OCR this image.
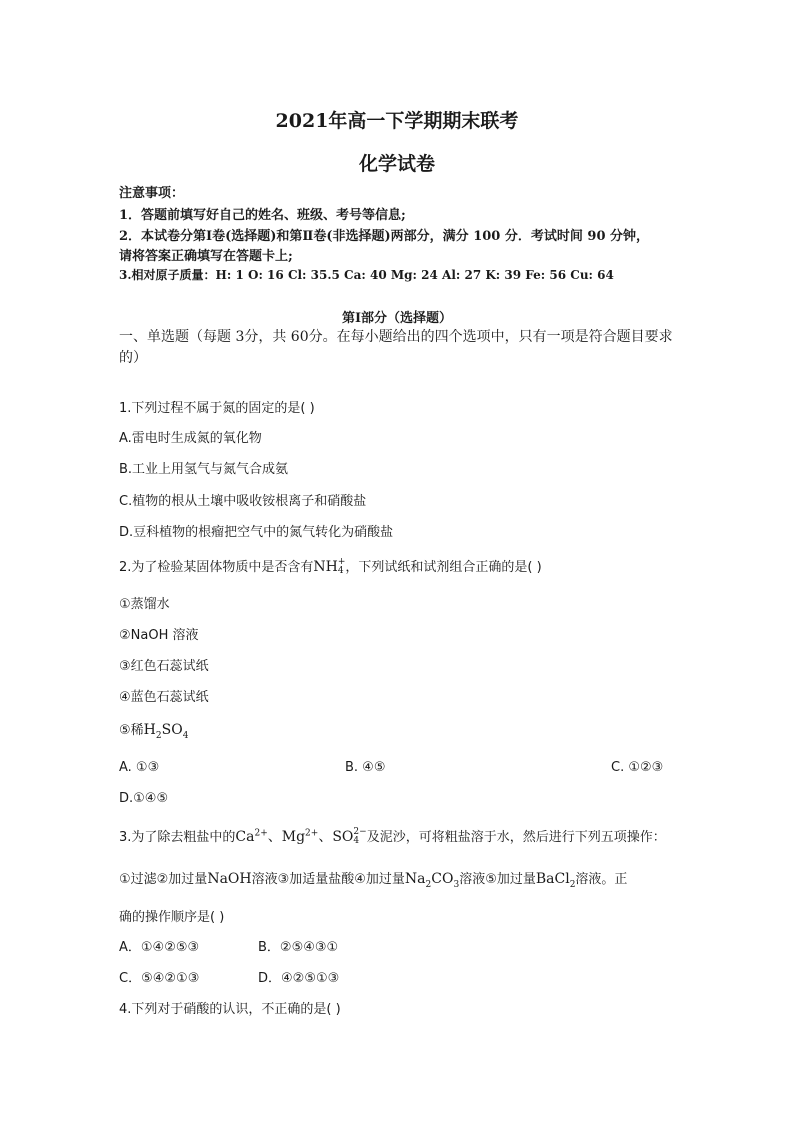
2021年高一下学期期末联考
化学试卷
注意事项：
1．答题前填写好自己的姓名、班级、考号等信息;
2．本试卷分第Ⅰ卷(选择题)和第Ⅱ卷(非选择题)两部分，满分 100 分．考试时间 90 分钟，
请将答案正确填写在答题卡上;
3.相对原子质量：H: 1 O: 16 Cl: 35.5 Ca: 40 Mg: 24 Al: 27 K: 39 Fe: 56 Cu: 64
第Ⅰ部分（选择题）
一、单选题（每题 3分，共 60分。在每小题给出的四个选项中，只有一项是符合题目要求
的）
1.下列过程不属于氮的固定的是( )
A.雷电时生成氮的氧化物
B.工业上用氢气与氮气合成氨
C.植物的根从土壤中吸收铵根离子和硝酸盐
D.豆科植物的根瘤把空气中的氮气转化为硝酸盐
2.为了检验某固体物质中是否含有NH +
4 ，下列试纸和试剂组合正确的是( )
①蒸馏水
②NaOH 溶液
③红色石蕊试纸
④蓝色石蕊试纸
⑤稀$H_2SO_4$
A. ①③	B. ④⑤	C. ①②③
D.①④⑤
3.为了除去粗盐中的$Ca^{2+}$、$Mg^{2+}$、SO 2−
4 及泥沙，可将粗盐溶于水，然后进行下列五项操作：
①过滤②加过量NaOH溶液③加适量盐酸④加过量$Na_2CO_3$溶液⑤加过量BaCl$_2$溶液。正
确的操作顺序是( )
A．①④②⑤③	B．②⑤④③①
C．⑤④②①③	D．④②⑤①③
4.下列对于硝酸的认识，不正确的是( )
